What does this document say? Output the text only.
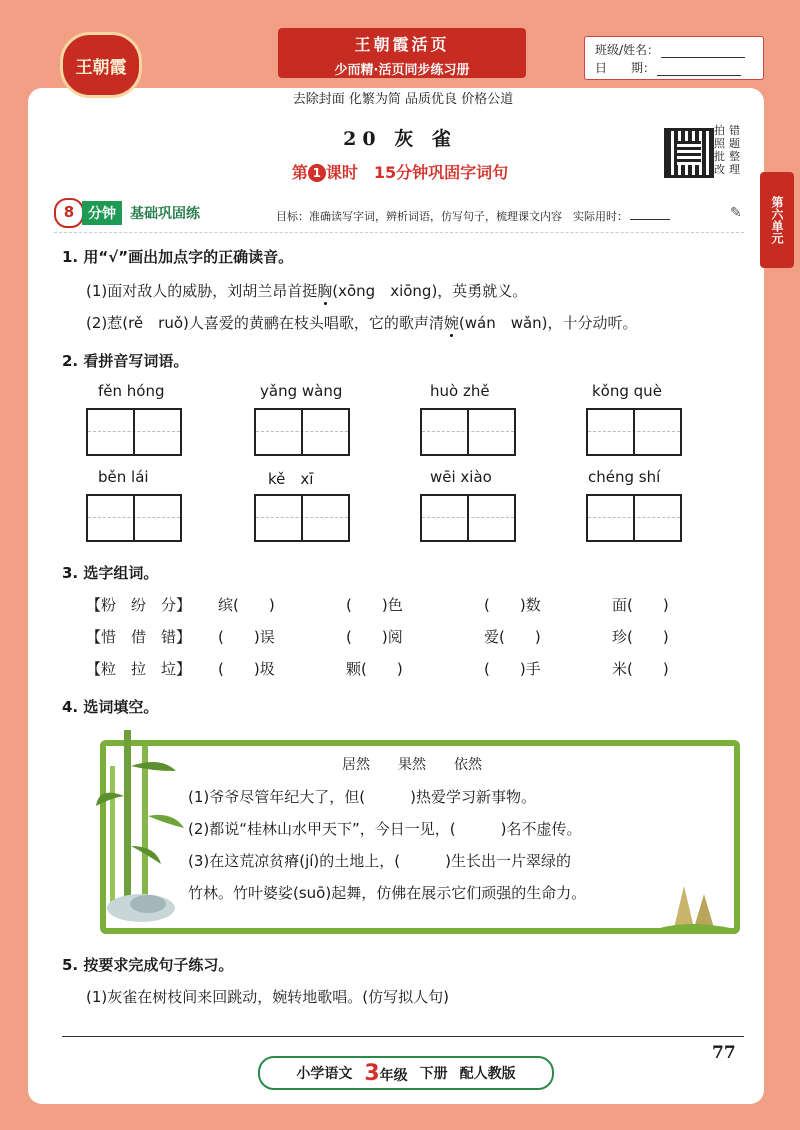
王朝霞
王朝霞活页
少而精·活页同步练习册
班级/姓名：
日　　期：
去除封面 化繁为简 品质优良 价格公道
20 灰 雀
第 1 课时　15分钟巩固字词句
拍 错
照 题
批 整
改 理
第六单元
8 分钟	基础巩固练	目标：准确读写字词，辨析词语，仿写句子，梳理课文内容　实际用时：	✎
1. 用“√”画出加点字的正确读音。
(1)面对敌人的威胁，刘胡兰昂首挺胸(xōng　xiōng)，英勇就义。
(2)惹(rě　ruǒ)人喜爱的黄鹂在枝头唱歌，它的歌声清婉(wán　wǎn)，十分动听。
2. 看拼音写词语。
fěn hóng	yǎng wàng	huò zhě	kǒng què
běn lái	kě　xī	wēi xiào	chéng shí
3. 选字组词。
【粉　纷　分】 缤(　　)	(　　)色	(　　)数	面(　　)
【惜　借　错】 (　　)误	(　　)阅	爱(　　)	珍(　　)
【粒　拉　垃】 (　　)圾	颗(　　)	(　　)手	米(　　)
4. 选词填空。
居然　　果然　　依然
(1)爷爷尽管年纪大了，但(　　　)热爱学习新事物。
(2)都说“桂林山水甲天下”，今日一见，(　　　)名不虚传。
(3)在这荒凉贫瘠(jí)的土地上，(　　　)生长出一片翠绿的
竹林。竹叶婆娑(suō)起舞，仿佛在展示它们顽强的生命力。
5. 按要求完成句子练习。
(1)灰雀在树枝间来回跳动，婉转地歌唱。(仿写拟人句)
77
小学语文 3年级 下册 配人教版
